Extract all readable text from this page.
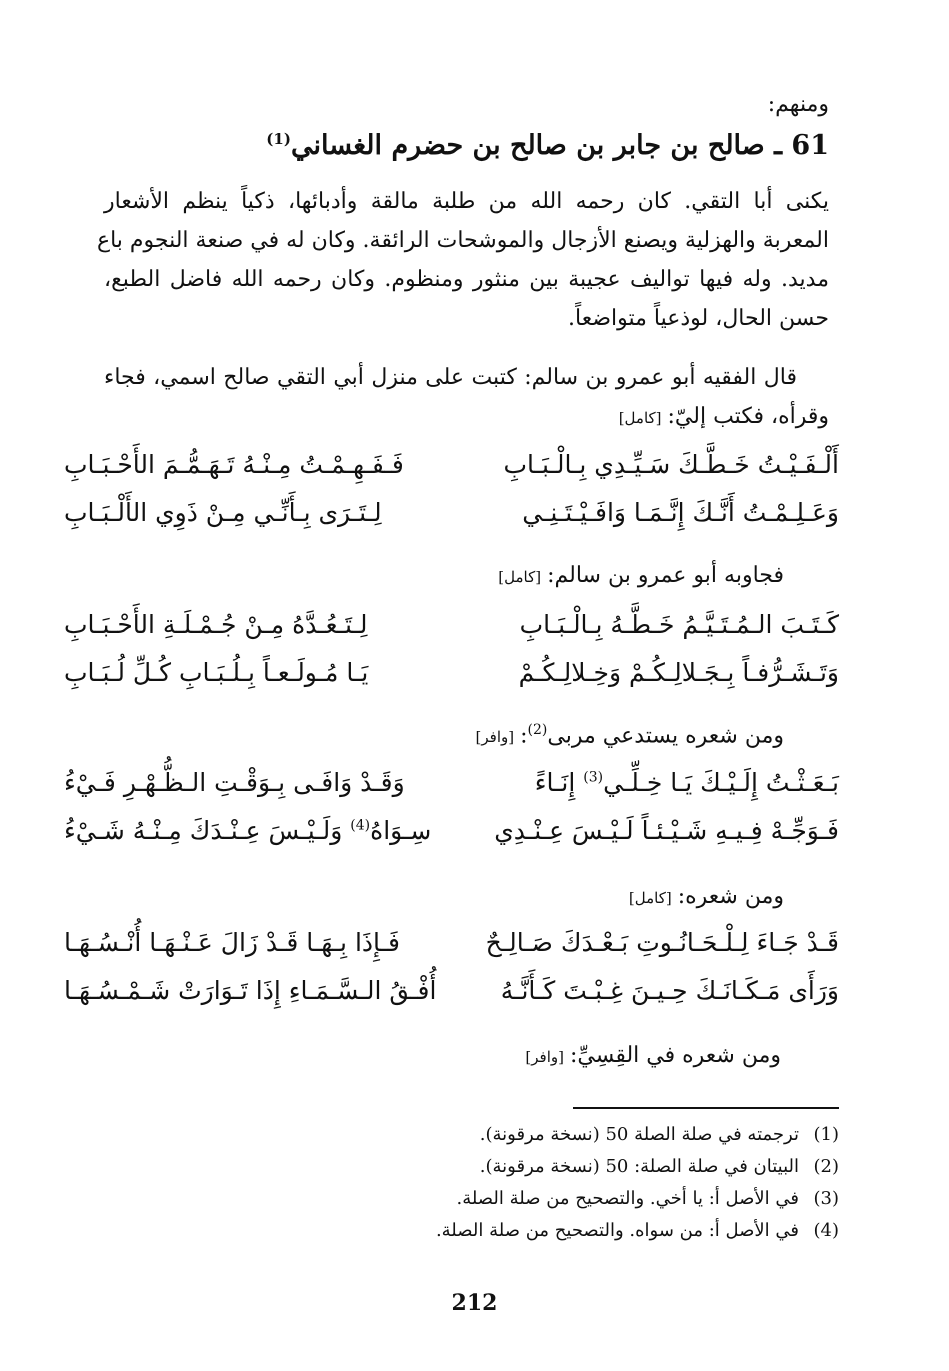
ومنهم:
61 ـ صالح بن جابر بن صالح بن حضرم الغساني$^{(1)}$
يكنى أبا التقي. كان رحمه الله من طلبة مالقة وأدبائها، ذكياً ينظم الأشعار
المعربة والهزلية ويصنع الأزجال والموشحات الرائقة. وكان له في صنعة النجوم باع
مديد. وله فيها تواليف عجيبة بين منثور ومنظوم. وكان رحمه الله فاضل الطبع،
حسن الحال، لوذعياً متواضعاً.
قال الفقيه أبو عمرو بن سالم: كتبت على منزل أبي التقي صالح اسمي، فجاء
وقرأه، فكتب إليّ:[كامل]
أَلْـفَـيْـتُ خَـطَّـكَ سَـيِّـدِي بِـالْـبَـابِ
فَـفَـهِـمْـتُ مِـنْـهُ تَـهَـمُّـمَ الأَحْـبَـابِ
وَعَـلِـمْـتُ أَنَّـكَ إِنَّـمَـا وَافَـيْـتَـنِـي
لِـتَـرَى بِـأَنِّـي مِـنْ ذَوِي الأَلْـبَـابِ
فجاوبه أبو عمرو بن سالم:[كامل]
كَـتَـبَ الـمُـتَـيَّـمُ خَـطَّـهُ بِـالْـبَـابِ
لِـتَـعُـدَّهُ مِـنْ جُـمْـلَـةِ الأَحْـبَـابِ
وَتَـشَـرُّفـاً بِـجَـلالِـكُـمْ وَخِـلالِـكُـمْ
يَـا مُـولَـعـاً بِـلُـبَـابِ كُـلِّ لُـبَـابِ
ومن شعره يستدعي مربى$^{(2)}$:[وافر]
بَـعَـثْـتُ إِلَـيْـكَ يَـا خِـلِّـي$^{(3)}$ إِنَـاءً
وَقَـدْ وَافَـى بِـوَقْـتِ الـظُّـهْـرِ فَـيْءُ
فَـوَجِّـهْ فِـيـهِ شَـيْـئـاً لَـيْـسَ عِـنْـدِي
سِـوَاهُ$^{(4)}$ وَلَـيْـسَ عِـنْـدَكَ مِـنْـهُ شَـيْءُ
ومن شعره:[كامل]
قَـدْ جَـاءَ لِـلْـحَـانُـوتِ بَـعْـدَكَ صَـالِـحٌ
فَـإِذَا بِـهَـا قَـدْ زَالَ عَـنْـهَـا أُنْـسُـهَـا
وَرَأَى مَـكَـانَـكَ حِـيـنَ غِـبْـتَ كَـأَنَّـهُ
أُفْـقُ الـسَّـمَـاءِ إِذَا تَـوَارَتْ شَـمْـسُـهَـا
ومن شعره في القِسِيِّ:[وافر]
(1)ترجمته في صلة الصلة 50 (نسخة مرقونة).
(2)البيتان في صلة الصلة: 50 (نسخة مرقونة).
(3)في الأصل أ: يا أخي. والتصحيح من صلة الصلة.
(4)في الأصل أ: من سواه. والتصحيح من صلة الصلة.
212
